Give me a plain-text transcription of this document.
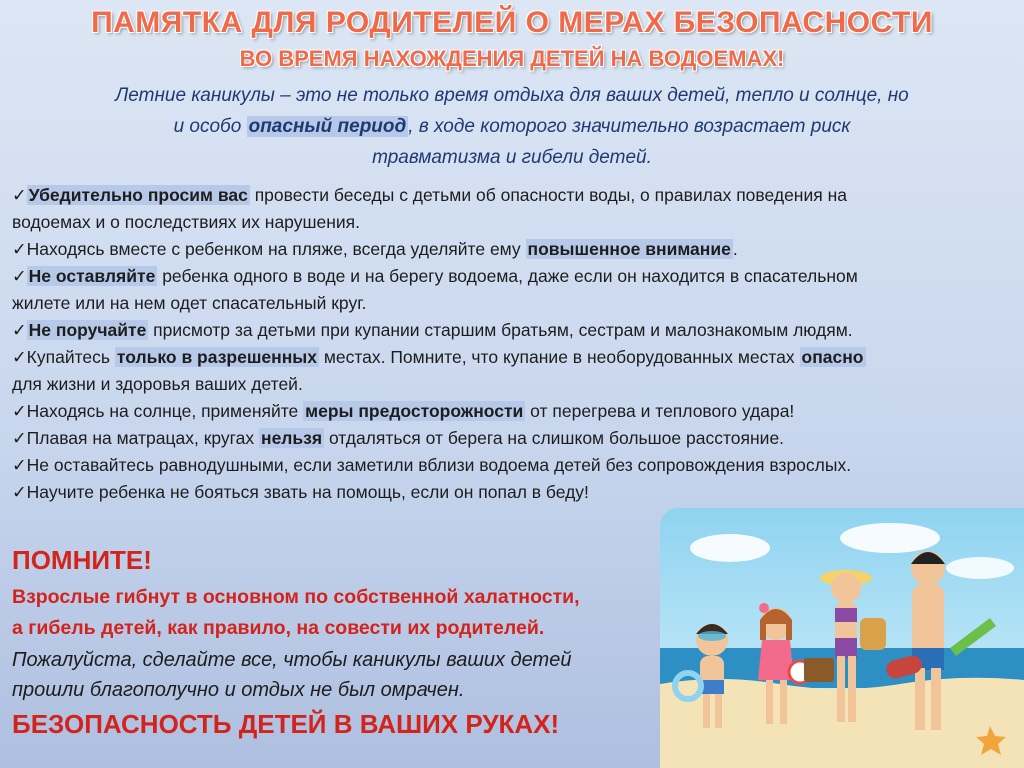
ПАМЯТКА ДЛЯ РОДИТЕЛЕЙ О МЕРАХ БЕЗОПАСНОСТИ
ВО ВРЕМЯ НАХОЖДЕНИЯ ДЕТЕЙ НА ВОДОЕМАХ!
Летние каникулы – это не только время отдыха для ваших детей, тепло и солнце, но
и особо опасный период , в ходе которого значительно возрастает риск
травматизма и гибели детей.
✓ Убедительно просим вас провести беседы с детьми об опасности воды, о правилах поведения на
водоемах и о последствиях их нарушения.
✓Находясь вместе с ребенком на пляже, всегда уделяйте ему повышенное внимание .
✓ Не оставляйте ребенка одного в воде и на берегу водоема, даже если он находится в спасательном
жилете или на нем одет спасательный круг.
✓ Не поручайте присмотр за детьми при купании старшим братьям, сестрам и малознакомым людям.
✓Купайтесь только в разрешенных местах. Помните, что купание в необорудованных местах опасно
для жизни и здоровья ваших детей.
✓Находясь на солнце, применяйте меры предосторожности от перегрева и теплового удара!
✓Плавая на матрацах, кругах нельзя отдаляться от берега на слишком большое расстояние.
✓Не оставайтесь равнодушными, если заметили вблизи водоема детей без сопровождения взрослых.
✓Научите ребенка не бояться звать на помощь, если он попал в беду!
ПОМНИТЕ!
Взрослые гибнут в основном по собственной халатности,
а гибель детей, как правило, на совести их родителей.
Пожалуйста, сделайте все, чтобы каникулы ваших детей
прошли благополучно и отдых не был омрачен.
БЕЗОПАСНОСТЬ ДЕТЕЙ В ВАШИХ РУКАХ!
